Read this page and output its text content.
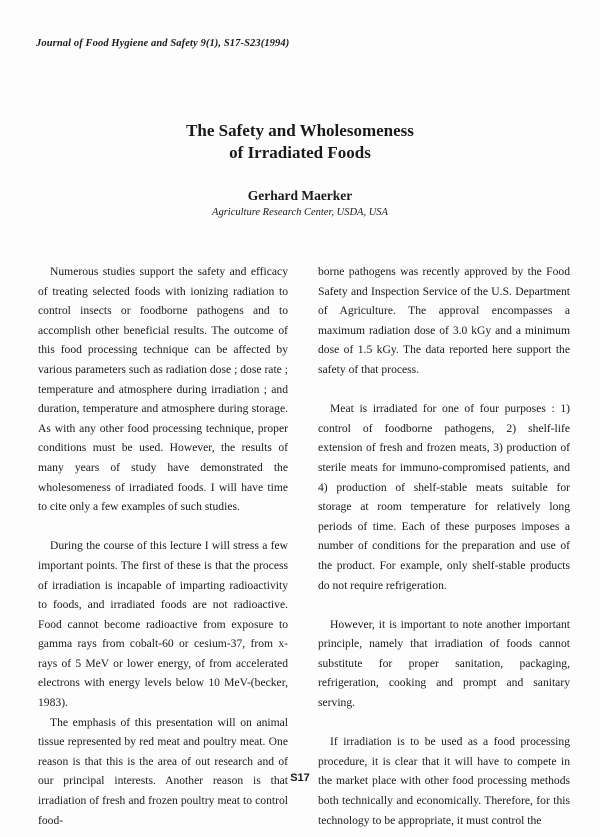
Journal of Food Hygiene and Safety 9(1), S17-S23(1994)
The Safety and Wholesomeness
of Irradiated Foods
Gerhard Maerker
Agriculture Research Center, USDA, USA

Numerous studies support the safety and efficacy of treating selected foods with ionizing radiation to control insects or foodborne pathogens and to accomplish other beneficial results. The outcome of this food processing technique can be affected by various parameters such as radiation dose ; dose rate ; temperature and atmosphere during irradiation ; and duration, temperature and atmosphere during storage. As with any other food processing technique, proper conditions must be used. However, the results of many years of study have demonstrated the wholesomeness of irradiated foods. I will have time to cite only a few examples of such studies.

During the course of this lecture I will stress a few important points. The first of these is that the process of irradiation is incapable of imparting radioactivity to foods, and irradiated foods are not radioactive. Food cannot become radioactive from exposure to gamma rays from cobalt-60 or cesium-37, from x-rays of 5 MeV or lower energy, of from accelerated electrons with energy levels below 10 MeV-(becker, 1983).

The emphasis of this presentation will on animal tissue represented by red meat and poultry meat. One reason is that this is the area of out research and of our principal interests. Another reason is that irradiation of fresh and frozen poultry meat to control food-

borne pathogens was recently approved by the Food Safety and Inspection Service of the U.S. Department of Agriculture. The approval encompasses a maximum radiation dose of 3.0 kGy and a minimum dose of 1.5 kGy. The data reported here support the safety of that process.

Meat is irradiated for one of four purposes : 1) control of foodborne pathogens, 2) shelf-life extension of fresh and frozen meats, 3) production of sterile meats for immuno-compromised patients, and 4) production of shelf-stable meats suitable for storage at room temperature for relatively long periods of time. Each of these purposes imposes a number of conditions for the preparation and use of the product. For example, only shelf-stable products do not require refrigeration.

However, it is important to note another important principle, namely that irradiation of foods cannot substitute for proper sanitation, packaging, refrigeration, cooking and prompt and sanitary serving.

If irradiation is to be used as a food processing procedure, it is clear that it will have to compete in the market place with other food processing methods both technically and economically. Therefore, for this technology to be appropriate, it must control the

S17
